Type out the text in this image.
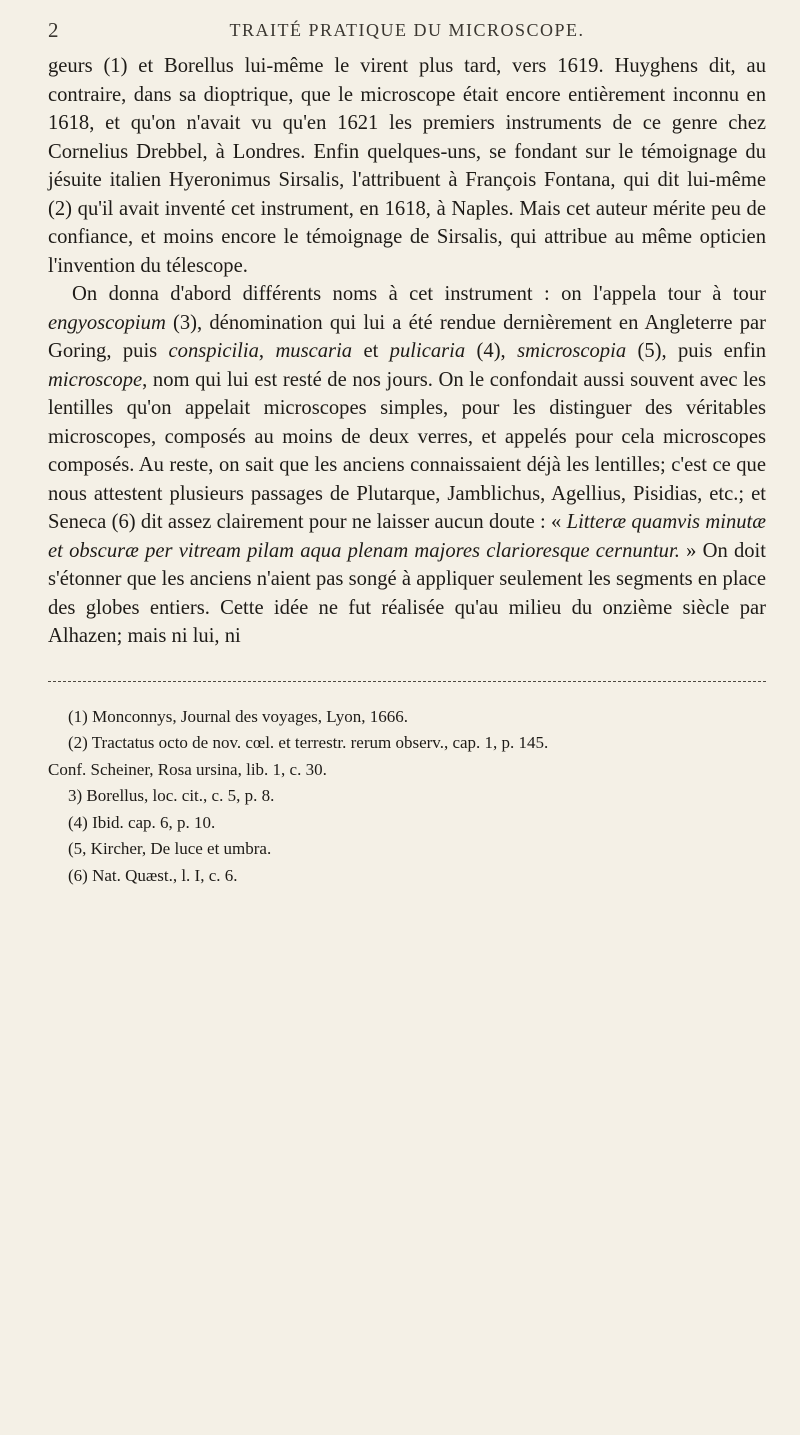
2	TRAITÉ PRATIQUE DU MICROSCOPE.

geurs (1) et Borellus lui-même le virent plus tard, vers 1619. Huyghens dit, au contraire, dans sa dioptrique, que le microscope était encore entièrement inconnu en 1618, et qu'on n'avait vu qu'en 1621 les premiers instruments de ce genre chez Cornelius Drebbel, à Londres. Enfin quelques-uns, se fondant sur le témoignage du jésuite italien Hyeronimus Sirsalis, l'attribuent à François Fontana, qui dit lui-même (2) qu'il avait inventé cet instrument, en 1618, à Naples. Mais cet auteur mérite peu de confiance, et moins encore le témoignage de Sirsalis, qui attribue au même opticien l'invention du télescope.

On donna d'abord différents noms à cet instrument : on l'appela tour à tour engyoscopium (3), dénomination qui lui a été rendue dernièrement en Angleterre par Goring, puis conspicilia, muscaria et pulicaria (4), smicroscopia (5), puis enfin microscope, nom qui lui est resté de nos jours. On le confondait aussi souvent avec les lentilles qu'on appelait microscopes simples, pour les distinguer des véritables microscopes, composés au moins de deux verres, et appelés pour cela microscopes composés. Au reste, on sait que les anciens connaissaient déjà les lentilles; c'est ce que nous attestent plusieurs passages de Plutarque, Jamblichus, Agellius, Pisidias, etc.; et Seneca (6) dit assez clairement pour ne laisser aucun doute : « Litteræ quamvis minutæ et obscuræ per vitream pilam aqua plenam majores clarioresque cernuntur. » On doit s'étonner que les anciens n'aient pas songé à appliquer seulement les segments en place des globes entiers. Cette idée ne fut réalisée qu'au milieu du onzième siècle par Alhazen; mais ni lui, ni

(1) Monconnys, Journal des voyages, Lyon, 1666.
(2) Tractatus octo de nov. cœl. et terrestr. rerum observ., cap. 1, p. 145.
Conf. Scheiner, Rosa ursina, lib. 1, c. 30.
3) Borellus, loc. cit., c. 5, p. 8.
(4) Ibid. cap. 6, p. 10.
(5, Kircher, De luce et umbra.
(6) Nat. Quæst., l. I, c. 6.
